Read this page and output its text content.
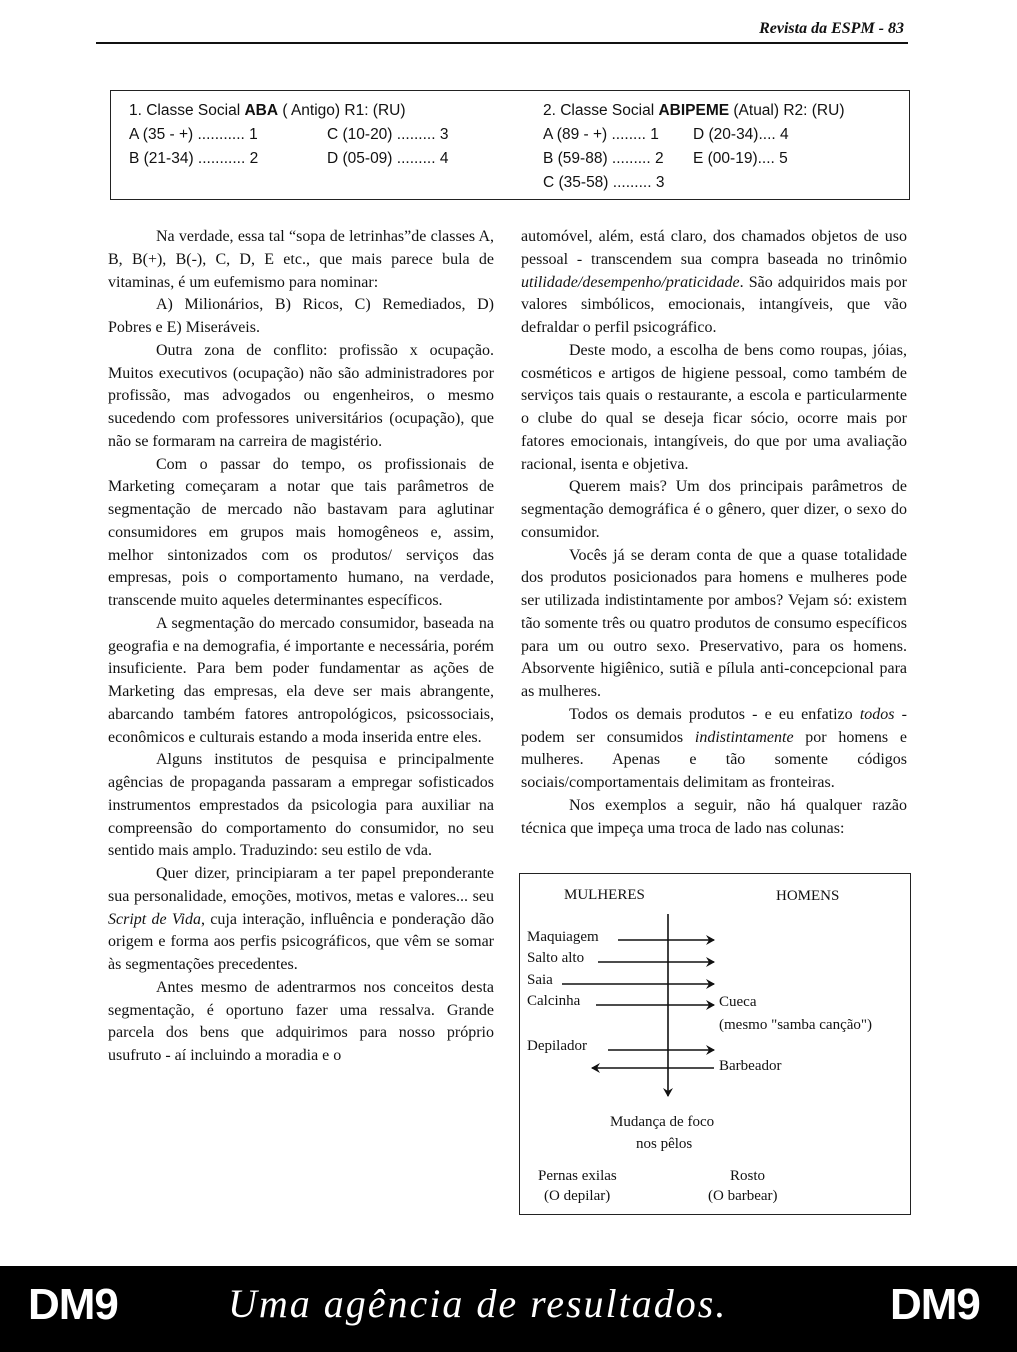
Revista da ESPM - 83
1. Classe Social ABA ( Antigo) R1: (RU)
A (35 - +) ........... 1	C (10-20) ......... 3
B (21-34) ........... 2	D (05-09) ......... 4
2. Classe Social ABIPEME (Atual) R2: (RU)
A (89 - +) ........ 1	D (20-34).... 4
B (59-88) ......... 2	E (00-19).... 5
C (35-58) ......... 3

Na verdade, essa tal “sopa de letrinhas”de classes A, B, B(+), B(-), C, D, E etc., que mais parece bula de vitaminas, é um eufemismo para nominar:

A) Milionários, B) Ricos, C) Remediados, D) Pobres e E) Miseráveis.

Outra zona de conflito: profissão x ocupação. Muitos executivos (ocupação) não são administradores por profissão, mas advogados ou engenheiros, o mesmo sucedendo com professores universitários (ocupação), que não se formaram na carreira de magistério.

Com o passar do tempo, os profissionais de Marketing começaram a notar que tais parâmetros de segmentação de mercado não bastavam para aglutinar consumidores em grupos mais homogêneos e, assim, melhor sintonizados com os produtos/ serviços das empresas, pois o comportamento humano, na verdade, transcende muito aqueles determinantes específicos.

A segmentação do mercado consumidor, baseada na geografia e na demografia, é importante e necessária, porém insuficiente. Para bem poder fundamentar as ações de Marketing das empresas, ela deve ser mais abrangente, abarcando também fatores antropológicos, psicossociais, econômicos e culturais estando a moda inserida entre eles.

Alguns institutos de pesquisa e principalmente agências de propaganda passaram a empregar sofisticados instrumentos emprestados da psicologia para auxiliar na compreensão do comportamento do consumidor, no seu sentido mais amplo. Traduzindo: seu estilo de vda.

Quer dizer, principiaram a ter papel preponderante sua personalidade, emoções, motivos, metas e valores... seu Script de Vida, cuja interação, influência e ponderação dão origem e forma aos perfis psicográficos, que vêm se somar às segmentações precedentes.

Antes mesmo de adentrarmos nos conceitos desta segmentação, é oportuno fazer uma ressalva. Grande parcela dos bens que adquirimos para nosso próprio usufruto - aí incluindo a moradia e o

automóvel, além, está claro, dos chamados objetos de uso pessoal - transcendem sua compra baseada no trinômio utilidade/desempenho/praticidade. São adquiridos mais por valores simbólicos, emocionais, intangíveis, que vão defraldar o perfil psicográfico.

Deste modo, a escolha de bens como roupas, jóias, cosméticos e artigos de higiene pessoal, como também de serviços tais quais o restaurante, a escola e particularmente o clube do qual se deseja ficar sócio, ocorre mais por fatores emocionais, intangíveis, do que por uma avaliação racional, isenta e objetiva.

Querem mais? Um dos principais parâmetros de segmentação demográfica é o gênero, quer dizer, o sexo do consumidor.

Vocês já se deram conta de que a quase totalidade dos produtos posicionados para homens e mulheres pode ser utilizada indistintamente por ambos? Vejam só: existem tão somente três ou quatro produtos de consumo específicos para um ou outro sexo. Preservativo, para os homens. Absorvente higiênico, sutiã e pílula anti-concepcional para as mulheres.

Todos os demais produtos - e eu enfatizo todos - podem ser consumidos indistintamente por homens e mulheres. Apenas e tão somente códigos sociais/comportamentais delimitam as fronteiras.

Nos exemplos a seguir, não há qualquer razão técnica que impeça uma troca de lado nas colunas:

MULHERES	HOMENS
Maquiagem
Salto alto
Saia
Calcinha	Cueca
(mesmo "samba canção")
Depilador
Barbeador
Mudança de foco
nos pêlos
Pernas exilas
(O depilar)
Rosto
(O barbear)
DM9	Uma agência de resultados.	DM9
